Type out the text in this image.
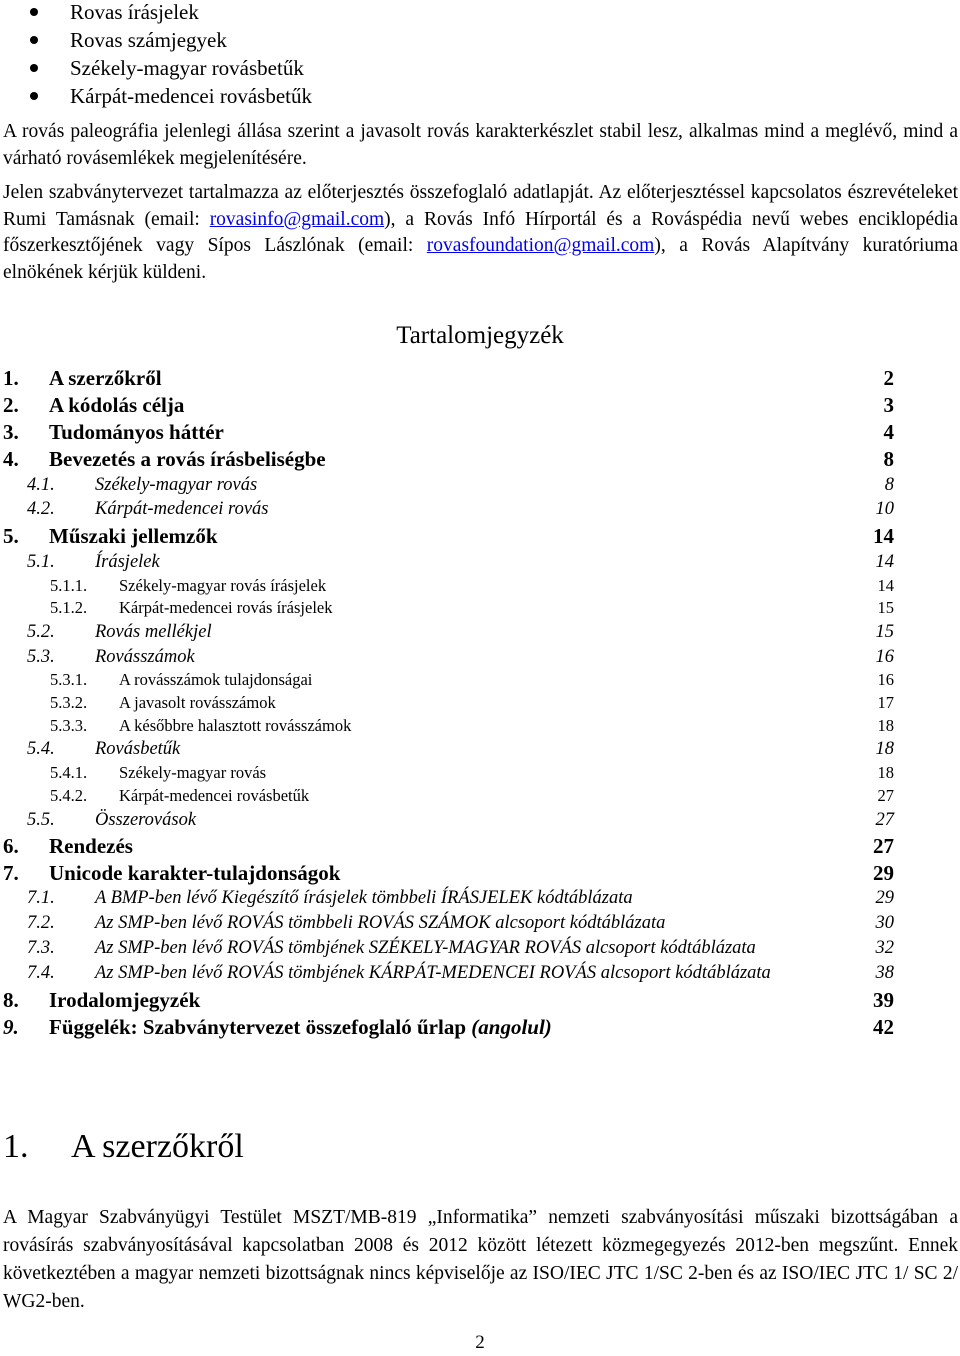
Rovas írásjelek
Rovas számjegyek
Székely-magyar rovásbetűk
Kárpát-medencei rovásbetűk

A rovás paleográfia jelenlegi állása szerint a javasolt rovás karakterkészlet stabil lesz, alkalmas mind a meglévő, mind a várható rovásemlékek megjelenítésére.

Jelen szabványtervezet tartalmazza az előterjesztés összefoglaló adatlapját. Az előterjesztéssel kapcsolatos észrevételeket Rumi Tamásnak (email: rovasinfo@gmail.com), a Rovás Infó Hírportál és a Rováspédia nevű webes enciklopédia főszerkesztőjének vagy Sípos Lászlónak (email: rovasfoundation@gmail.com), a Rovás Alapítvány kuratóriuma elnökének kérjük küldeni.

Tartalomjegyzék
1. A szerzőkről	2
2. A kódolás célja	3
3. Tudományos háttér	4
4. Bevezetés a rovás írásbeliségbe	8
4.1. Székely-magyar rovás	8
4.2. Kárpát-medencei rovás	10
5. Műszaki jellemzők	14
5.1. Írásjelek	14
5.1.1. Székely-magyar rovás írásjelek	14
5.1.2. Kárpát-medencei rovás írásjelek	15
5.2. Rovás mellékjel	15
5.3. Rovásszámok	16
5.3.1. A rovásszámok tulajdonságai	16
5.3.2. A javasolt rovásszámok	17
5.3.3. A későbbre halasztott rovásszámok	18
5.4. Rovásbetűk	18
5.4.1. Székely-magyar rovás	18
5.4.2. Kárpát-medencei rovásbetűk	27
5.5. Összerovások	27
6. Rendezés	27
7. Unicode karakter-tulajdonságok	29
7.1. A BMP-ben lévő Kiegészítő írásjelek tömbbeli ÍRÁSJELEK kódtáblázata	29
7.2. Az SMP-ben lévő ROVÁS tömbbeli ROVÁS SZÁMOK alcsoport kódtáblázata	30
7.3. Az SMP-ben lévő ROVÁS tömbjének SZÉKELY-MAGYAR ROVÁS alcsoport kódtáblázata	32
7.4. Az SMP-ben lévő ROVÁS tömbjének KÁRPÁT-MEDENCEI ROVÁS alcsoport kódtáblázata	38
8. Irodalomjegyzék	39
9. Függelék: Szabványtervezet összefoglaló űrlap (angolul)	42
1. A szerzőkről

A Magyar Szabványügyi Testület MSZT/MB-819 „Informatika” nemzeti szabványosítási műszaki bizottságában a rovásírás szabványosításával kapcsolatban 2008 és 2012 között létezett közmegegyezés 2012-ben megszűnt. Ennek következtében a magyar nemzeti bizottságnak nincs képviselője az ISO/IEC JTC 1/SC 2-ben és az ISO/IEC JTC 1/ SC 2/ WG2-ben.

2
